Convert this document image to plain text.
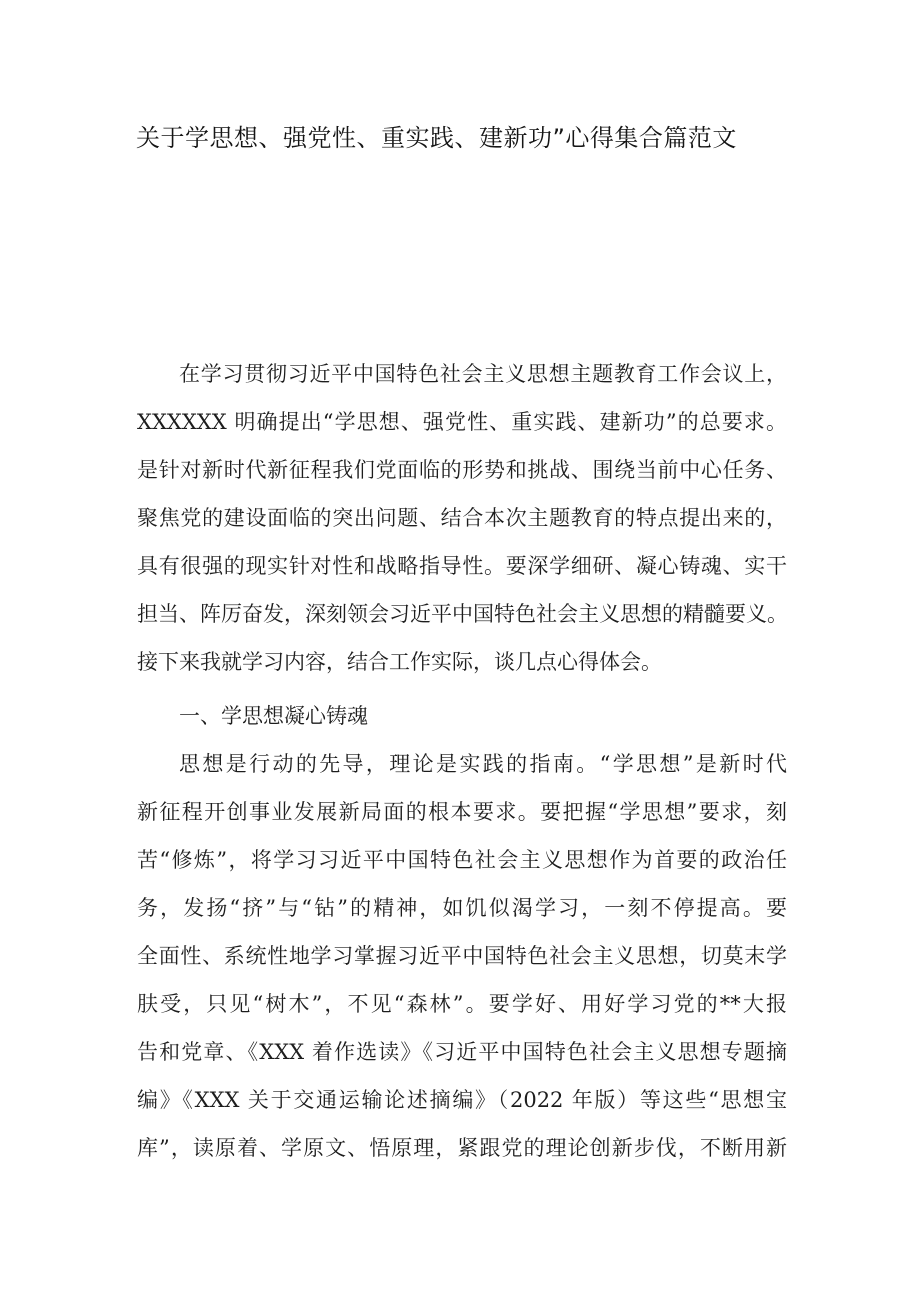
关于学思想、强党性、重实践、建新功”心得集合篇范文
在学习贯彻习近平中国特色社会主义思想主题教育工作会议上，
XXXXXX 明确提出“学思想、强党性、重实践、建新功”的总要求。
是针对新时代新征程我们党面临的形势和挑战、围绕当前中心任务、
聚焦党的建设面临的突出问题、结合本次主题教育的特点提出来的，
具有很强的现实针对性和战略指导性。要深学细研、凝心铸魂、实干
担当、阵厉奋发，深刻领会习近平中国特色社会主义思想的精髓要义。
接下来我就学习内容，结合工作实际，谈几点心得体会。
一、学思想凝心铸魂
思想是行动的先导，理论是实践的指南。“学思想”是新时代
新征程开创事业发展新局面的根本要求。要把握“学思想”要求，刻
苦“修炼”，将学习习近平中国特色社会主义思想作为首要的政治任
务，发扬“挤”与“钻”的精神，如饥似渴学习，一刻不停提高。要
全面性、系统性地学习掌握习近平中国特色社会主义思想，切莫末学
肤受，只见“树木”，不见“森林”。要学好、用好学习党的**大报
告和党章、《XXX 着作选读》《习近平中国特色社会主义思想专题摘
编》《XXX 关于交通运输论述摘编》（2022 年版）等这些“思想宝
库”，读原着、学原文、悟原理，紧跟党的理论创新步伐，不断用新
